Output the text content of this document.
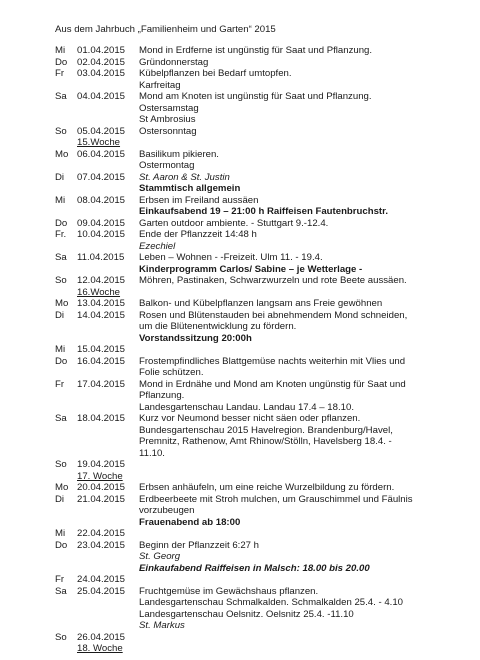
Aus dem Jahrbuch „Familienheim und Garten“ 2015
Mi 01.04.2015 Mond in Erdferne ist ungünstig für Saat und Pflanzung.
Do 02.04.2015 Gründonnerstag
Fr 03.04.2015 Kübelpflanzen bei Bedarf umtopfen.
Karfreitag
Sa 04.04.2015 Mond am Knoten ist ungünstig für Saat und Pflanzung.
Ostersamstag
St Ambrosius
So 05.04.2015 Ostersonntag
15.Woche
Mo 06.04.2015 Basilikum pikieren.
Ostermontag
Di 07.04.2015 St. Aaron & St. Justin
Stammtisch allgemein
Mi 08.04.2015 Erbsen im Freiland aussäen
Einkaufsabend 19 – 21:00 h Raiffeisen Fautenbruchstr.
Do 09.04.2015 Garten outdoor ambiente. - Stuttgart 9.-12.4.
Fr. 10.04.2015 Ende der Pflanzzeit 14:48 h
Ezechiel
Sa 11.04.2015 Leben – Wohnen - -Freizeit. Ulm 11. - 19.4.
Kinderprogramm Carlos/ Sabine – je Wetterlage -
So 12.04.2015 Möhren, Pastinaken, Schwarzwurzeln und rote Beete aussäen.
16.Woche
Mo 13.04.2015 Balkon- und Kübelpflanzen langsam ans Freie gewöhnen
Di 14.04.2015 Rosen und Blütenstauden bei abnehmendem Mond schneiden,
um die Blütenentwicklung zu fördern.
Vorstandssitzung 20:00h
Mi 15.04.2015
Do 16.04.2015 Frostempfindliches Blattgemüse nachts weiterhin mit Vlies und
Folie schützen.
Fr 17.04.2015 Mond in Erdnähe und Mond am Knoten ungünstig für Saat und
Pflanzung.
Landesgartenschau Landau. Landau 17.4 – 18.10.
Sa 18.04.2015 Kurz vor Neumond besser nicht säen oder pflanzen.
Bundesgartenschau 2015 Havelregion. Brandenburg/Havel,
Premnitz, Rathenow, Amt Rhinow/Stölln, Havelsberg 18.4. -
11.10.
So 19.04.2015
17. Woche
Mo 20.04.2015 Erbsen anhäufeln, um eine reiche Wurzelbildung zu fördern.
Di 21.04.2015 Erdbeerbeete mit Stroh mulchen, um Grauschimmel und Fäulnis
vorzubeugen
Frauenabend ab 18:00
Mi 22.04.2015
Do 23.04.2015 Beginn der Pflanzzeit 6:27 h
St. Georg
Einkaufabend Raiffeisen in Malsch: 18.00 bis 20.00
Fr 24.04.2015
Sa 25.04.2015 Fruchtgemüse im Gewächshaus pflanzen.
Landesgartenschau Schmalkalden. Schmalkalden 25.4. - 4.10
Landesgartenschau Oelsnitz. Oelsnitz 25.4. -11.10
St. Markus
So 26.04.2015
18. Woche
